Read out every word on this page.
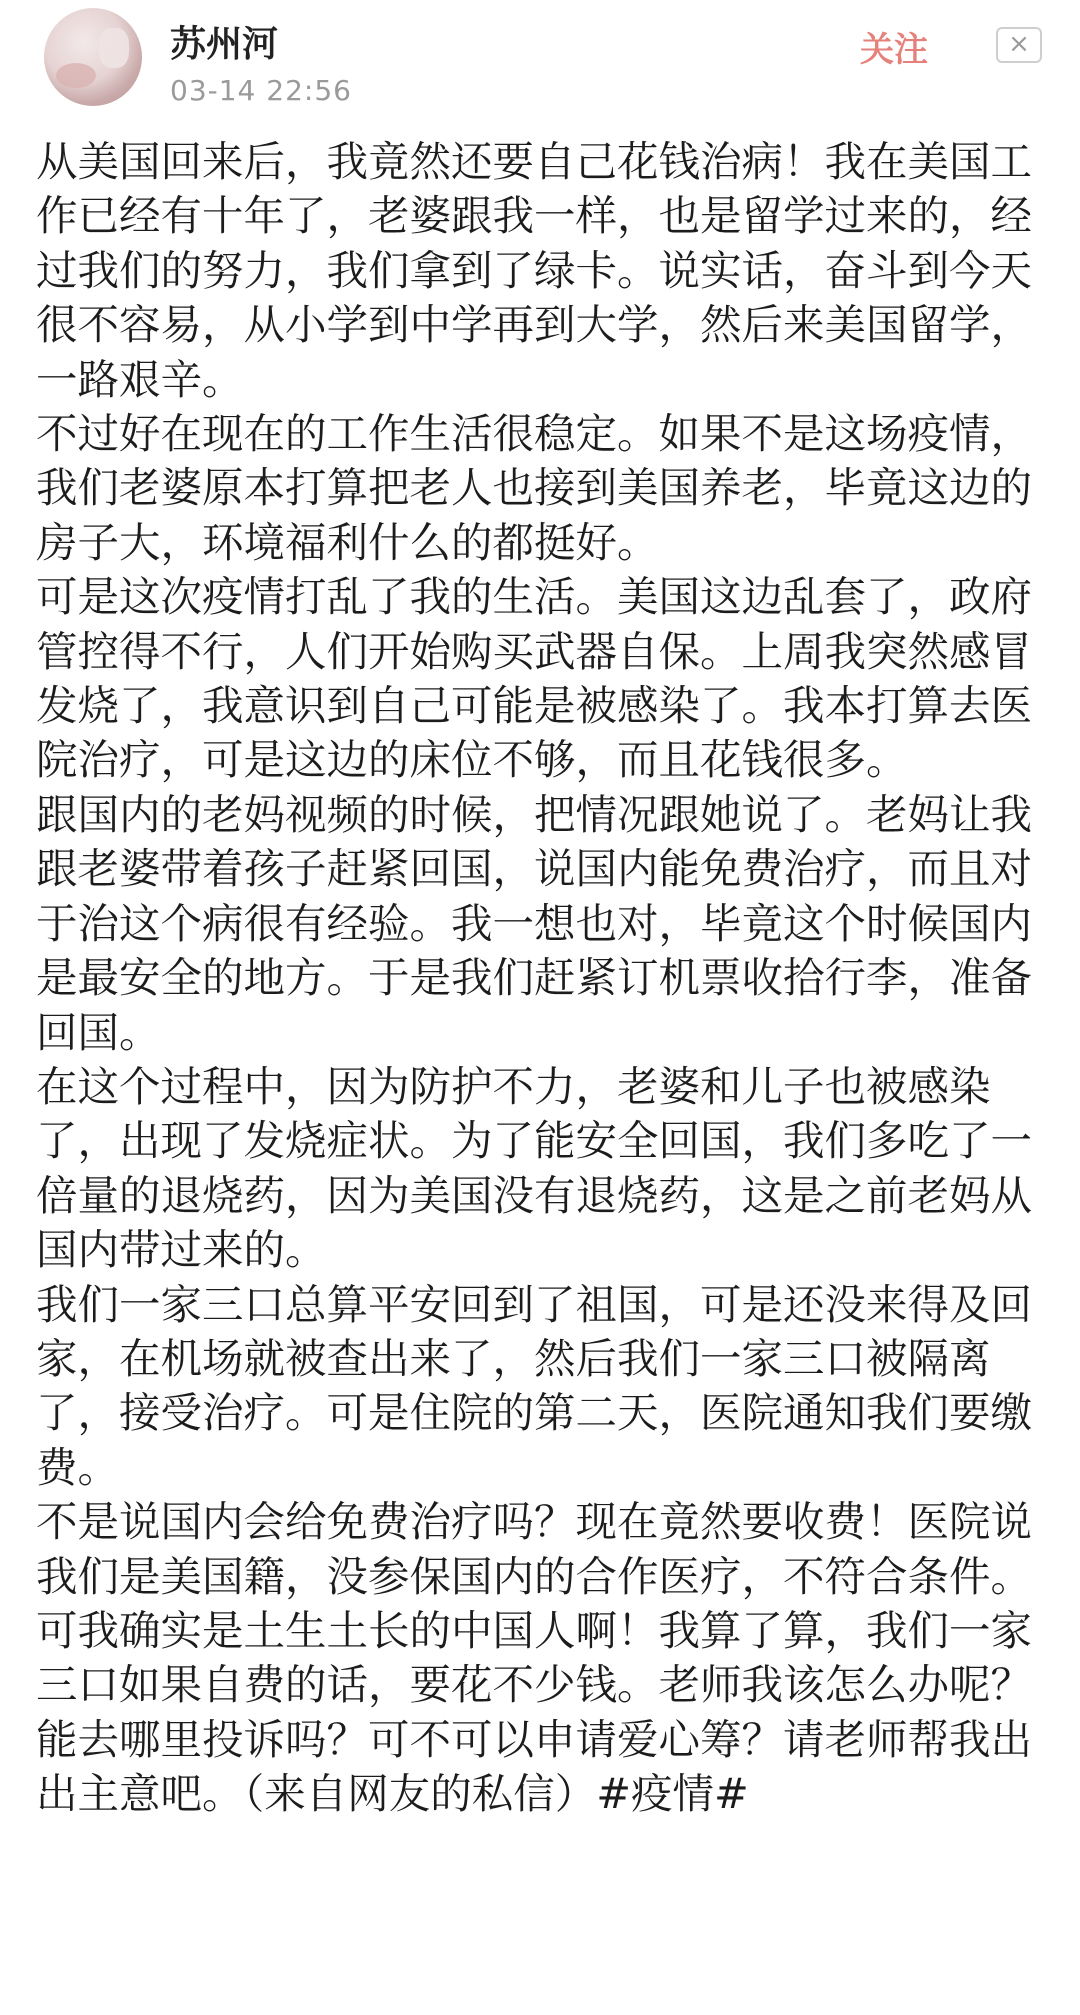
苏州河
03-14 22:56
关注	×

从美国回来后，我竟然还要自己花钱治病！我在美国工作已经有十年了，老婆跟我一样，也是留学过来的，经过我们的努力，我们拿到了绿卡。说实话，奋斗到今天很不容易，从小学到中学再到大学，然后来美国留学，一路艰辛。

不过好在现在的工作生活很稳定。如果不是这场疫情，我们老婆原本打算把老人也接到美国养老，毕竟这边的房子大，环境福利什么的都挺好。

可是这次疫情打乱了我的生活。美国这边乱套了，政府管控得不行，人们开始购买武器自保。上周我突然感冒发烧了，我意识到自己可能是被感染了。我本打算去医院治疗，可是这边的床位不够，而且花钱很多。

跟国内的老妈视频的时候，把情况跟她说了。老妈让我跟老婆带着孩子赶紧回国，说国内能免费治疗，而且对于治这个病很有经验。我一想也对，毕竟这个时候国内是最安全的地方。于是我们赶紧订机票收拾行李，准备回国。

在这个过程中，因为防护不力，老婆和儿子也被感染了，出现了发烧症状。为了能安全回国，我们多吃了一倍量的退烧药，因为美国没有退烧药，这是之前老妈从国内带过来的。

我们一家三口总算平安回到了祖国，可是还没来得及回家，在机场就被查出来了，然后我们一家三口被隔离了，接受治疗。可是住院的第二天，医院通知我们要缴费。

不是说国内会给免费治疗吗？现在竟然要收费！医院说我们是美国籍，没参保国内的合作医疗，不符合条件。可我确实是土生土长的中国人啊！我算了算，我们一家三口如果自费的话，要花不少钱。老师我该怎么办呢？能去哪里投诉吗？可不可以申请爱心筹？请老师帮我出出主意吧。（来自网友的私信）#疫情#
